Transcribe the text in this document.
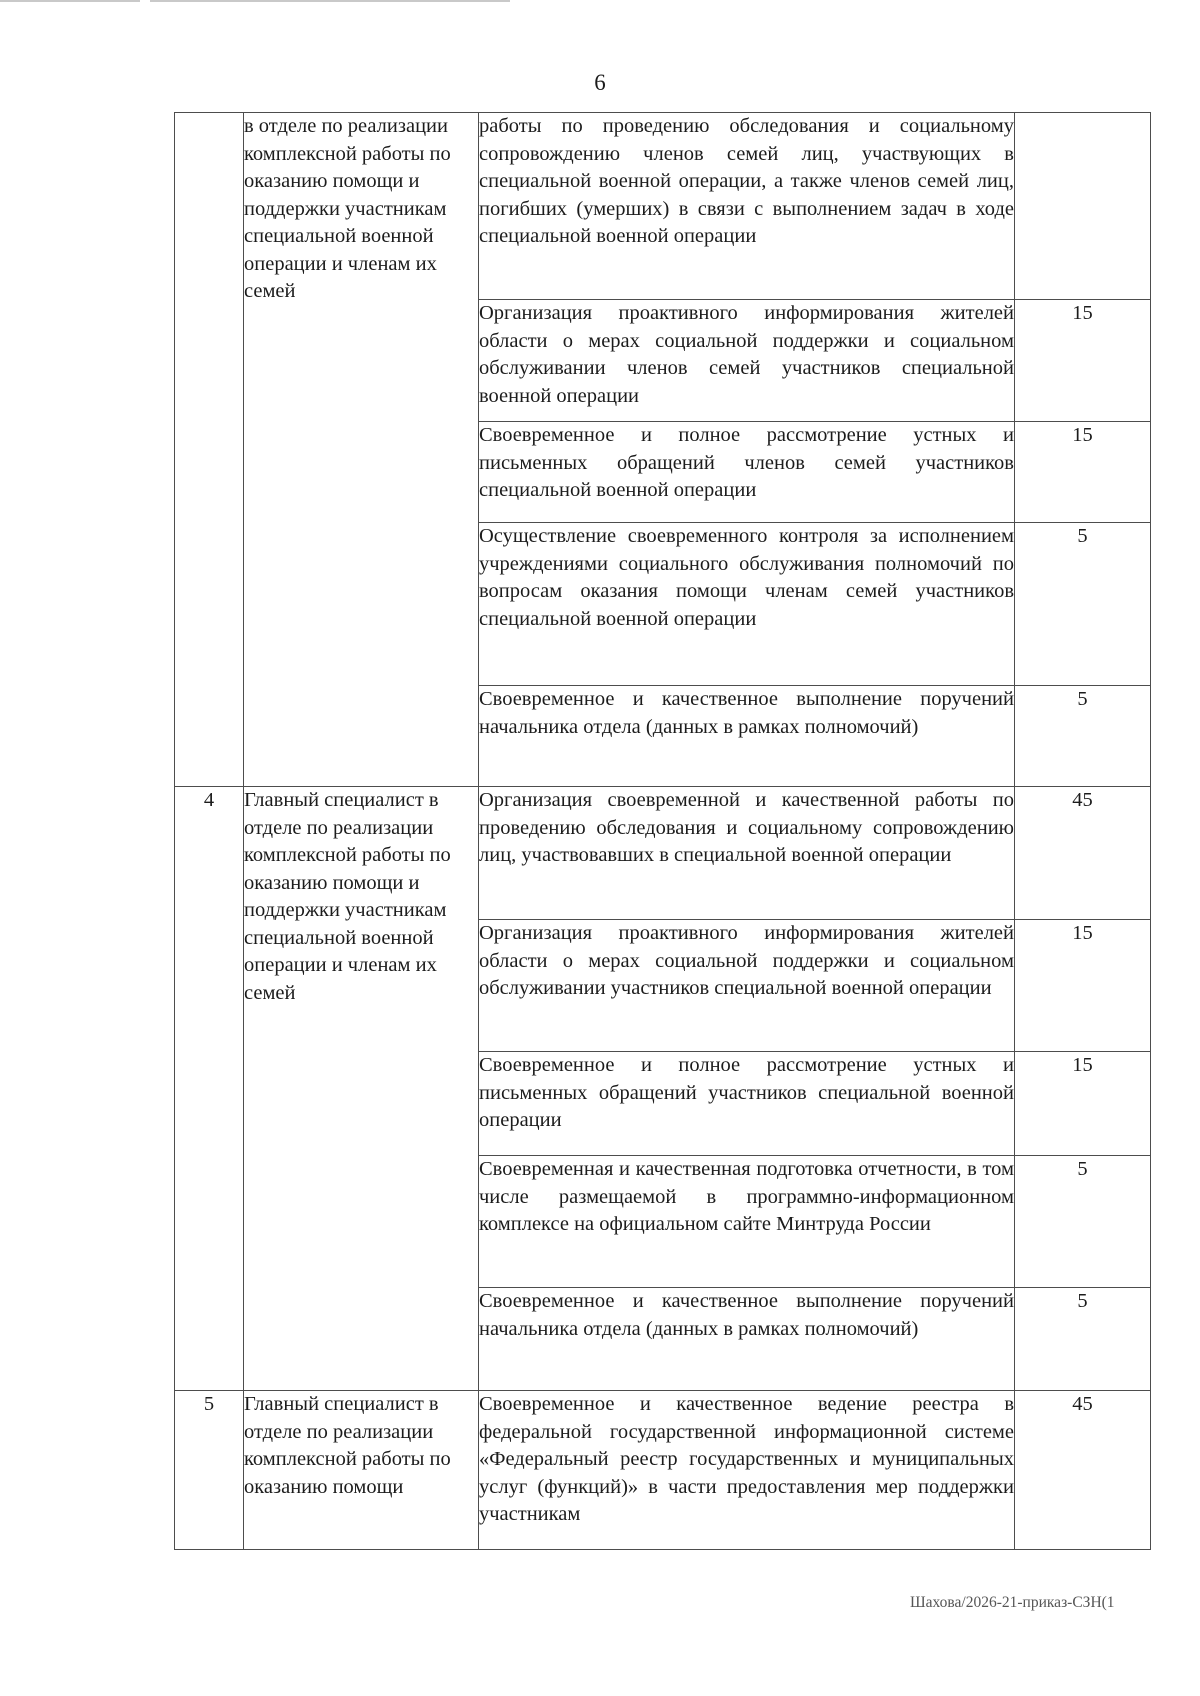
6
	в отделе по реализации комплексной работы по оказанию помощи и поддержки участникам специальной военной операции и членам их семей	работы по проведению обследования и социальному сопровождению членов семей лиц, участвующих в специальной военной операции, а также членов семей лиц, погибших (умерших) в связи с выполнением задач в ходе специальной военной операции	
		Организация проактивного информирования жителей области о мерах социальной поддержки и социальном обслуживании членов семей участников специальной военной операции	15
		Своевременное и полное рассмотрение устных и письменных обращений членов семей участников специальной военной операции	15
		Осуществление своевременного контроля за исполнением учреждениями социального обслуживания полномочий по вопросам оказания помощи членам семей участников специальной военной операции	5
		Своевременное и качественное выполнение поручений начальника отдела (данных в рамках полномочий)	5
4	Главный специалист в отделе по реализации комплексной работы по оказанию помощи и поддержки участникам специальной военной операции и членам их семей	Организация своевременной и качественной работы по проведению обследования и социальному сопровождению лиц, участвовавших в специальной военной операции	45
		Организация проактивного информирования жителей области о мерах социальной поддержки и социальном обслуживании участников специальной военной операции	15
		Своевременное и полное рассмотрение устных и письменных обращений участников специальной военной операции	15
		Своевременная и качественная подготовка отчетности, в том числе размещаемой в программно-информационном комплексе на официальном сайте Минтруда России	5
		Своевременное и качественное выполнение поручений начальника отдела (данных в рамках полномочий)	5
5	Главный специалист в отделе по реализации комплексной работы по оказанию помощи	Своевременное и качественное ведение реестра в федеральной государственной информационной системе «Федеральный реестр государственных и муниципальных услуг (функций)» в части предоставления мер поддержки участникам	45
Шахова/2026-21-приказ-СЗН(1
